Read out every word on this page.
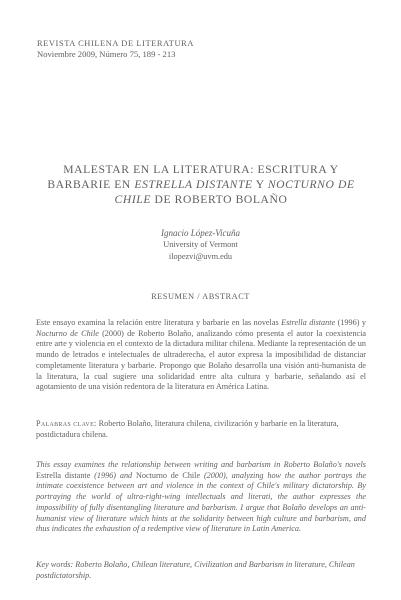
REVISTA CHILENA DE LITERATURA
Noviembre 2009, Número 75, 189 - 213
MALESTAR EN LA LITERATURA: ESCRITURA Y BARBARIE EN ESTRELLA DISTANTE Y NOCTURNO DE CHILE DE ROBERTO BOLAÑO
Ignacio López-Vicuña
University of Vermont
ilopezvi@uvm.edu
RESUMEN / ABSTRACT
Este ensayo examina la relación entre literatura y barbarie en las novelas Estrella distante (1996) y Nocturno de Chile (2000) de Roberto Bolaño, analizando cómo presenta el autor la coexistencia entre arte y violencia en el contexto de la dictadura militar chilena. Mediante la representación de un mundo de letrados e intelectuales de ultraderecha, el autor expresa la imposibilidad de distanciar completamente literatura y barbarie. Propongo que Bolaño desarrolla una visión anti-humanista de la literatura, la cual sugiere una solidaridad entre alta cultura y barbarie, señalando así el agotamiento de una visión redentora de la literatura en América Latina.
Palabras clave: Roberto Bolaño, literatura chilena, civilización y barbarie en la literatura, postdictadura chilena.
This essay examines the relationship between writing and barbarism in Roberto Bolaño's novels Estrella distante (1996) and Nocturno de Chile (2000), analyzing how the author portrays the intimate coexistence between art and violence in the context of Chile's military dictatorship. By portraying the world of ultra-right-wing intellectuals and literati, the author expresses the impossibility of fully disentangling literature and barbarism. I argue that Bolaño develops an anti-humanist view of literature which hints at the solidarity between high culture and barbarism, and thus indicates the exhaustion of a redemptive view of literature in Latin America.
Key words: Roberto Bolaño, Chilean literature, Civilization and Barbarism in literature, Chilean postdictatorship.
